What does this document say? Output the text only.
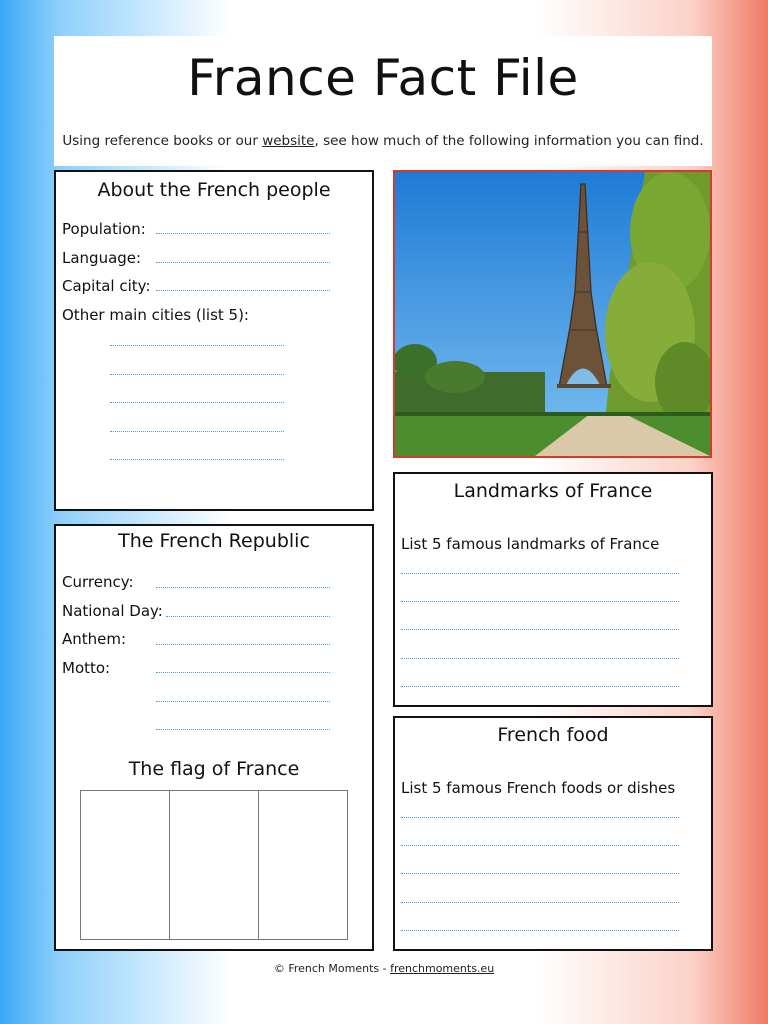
France Fact File
Using reference books or our website, see how much of the following information you can find.
About the French people
Population:
Language:
Capital city:
Other main cities (list 5):
The French Republic
Currency:
National Day:
Anthem:
Motto:
The flag of France
Landmarks of France
List 5 famous landmarks of France
French food
List 5 famous French foods or dishes
© French Moments - frenchmoments.eu
